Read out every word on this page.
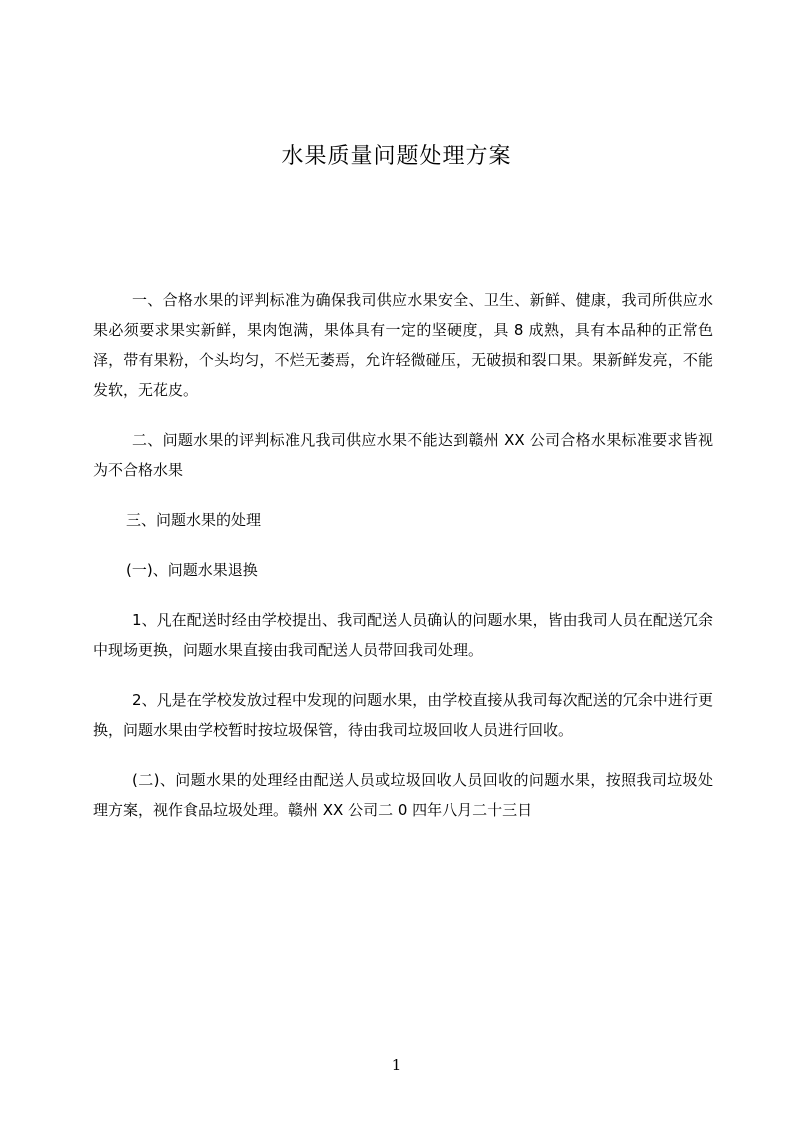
水果质量问题处理方案

一、合格水果的评判标准为确保我司供应水果安全、卫生、新鲜、健康，我司所供应水果必须要求果实新鲜，果肉饱满，果体具有一定的坚硬度，具 8 成熟，具有本品种的正常色泽，带有果粉，个头均匀，不烂无萎焉，允许轻微碰压，无破损和裂口果。果新鲜发亮，不能发软，无花皮。

二、问题水果的评判标准凡我司供应水果不能达到赣州 XX 公司合格水果标准要求皆视为不合格水果

三、问题水果的处理

(一)、问题水果退换

1、凡在配送时经由学校提出、我司配送人员确认的问题水果，皆由我司人员在配送冗余中现场更换，问题水果直接由我司配送人员带回我司处理。

2、凡是在学校发放过程中发现的问题水果，由学校直接从我司每次配送的冗余中进行更换，问题水果由学校暂时按垃圾保管，待由我司垃圾回收人员进行回收。

(二)、问题水果的处理经由配送人员或垃圾回收人员回收的问题水果，按照我司垃圾处理方案，视作食品垃圾处理。赣州 XX 公司二 0 四年八月二十三日

1
